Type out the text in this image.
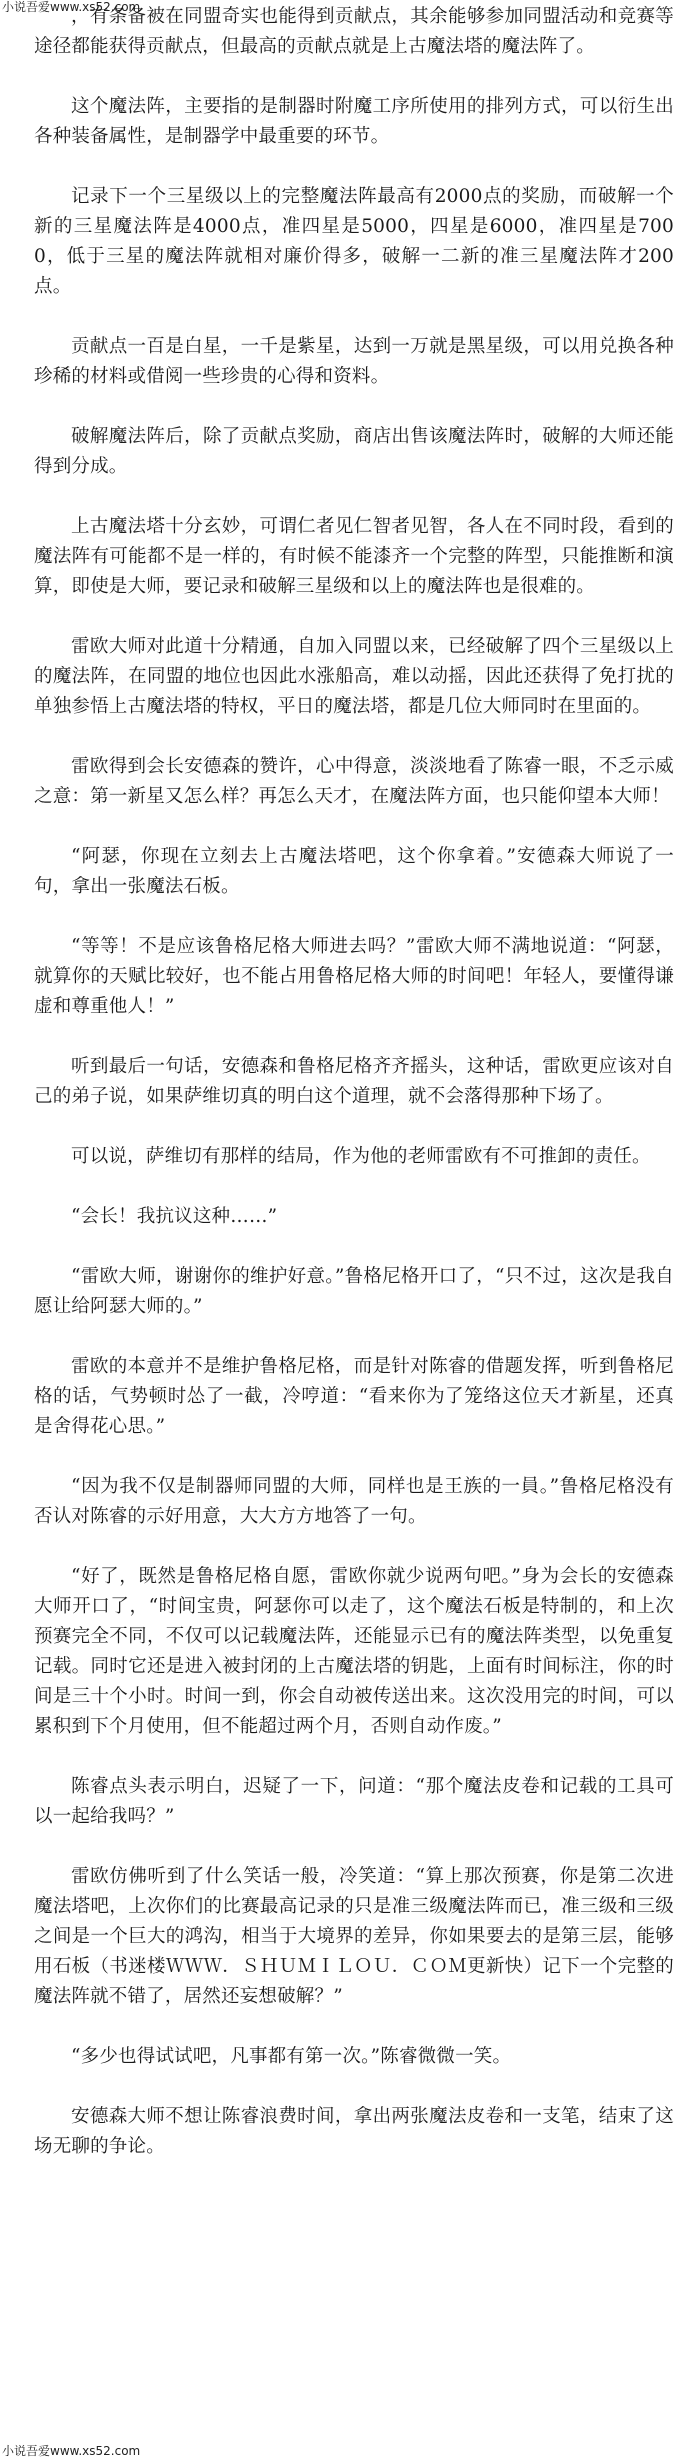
小说吾爱www.xs52.com

，有条备被在同盟奇实也能得到贡献点，其余能够参加同盟活动和竞赛等途径都能获得贡献点，但最高的贡献点就是上古魔法塔的魔法阵了。

这个魔法阵，主要指的是制器时附魔工序所使用的排列方式，可以衍生出各种装备属性，是制器学中最重要的环节。

记录下一个三星级以上的完整魔法阵最高有2000点的奖励，而破解一个新的三星魔法阵是4000点，准四星是5000，四星是6000，准四星是7000，低于三星的魔法阵就相对廉价得多，破解一二新的准三星魔法阵才200点。

贡献点一百是白星，一千是紫星，达到一万就是黑星级，可以用兑换各种珍稀的材料或借阅一些珍贵的心得和资料。

破解魔法阵后，除了贡献点奖励，商店出售该魔法阵时，破解的大师还能得到分成。

上古魔法塔十分玄妙，可谓仁者见仁智者见智，各人在不同时段，看到的魔法阵有可能都不是一样的，有时候不能漆齐一个完整的阵型，只能推断和演算，即使是大师，要记录和破解三星级和以上的魔法阵也是很难的。

雷欧大师对此道十分精通，自加入同盟以来，已经破解了四个三星级以上的魔法阵，在同盟的地位也因此水涨船高，难以动摇，因此还获得了免打扰的单独参悟上古魔法塔的特权，平日的魔法塔，都是几位大师同时在里面的。

雷欧得到会长安德森的赞许，心中得意，淡淡地看了陈睿一眼，不乏示威之意：第一新星又怎么样？再怎么天才，在魔法阵方面，也只能仰望本大师！

“阿瑟，你现在立刻去上古魔法塔吧，这个你拿着。”安德森大师说了一句，拿出一张魔法石板。

“等等！不是应该鲁格尼格大师进去吗？”雷欧大师不满地说道：“阿瑟，就算你的天赋比较好，也不能占用鲁格尼格大师的时间吧！年轻人，要懂得谦虚和尊重他人！”

听到最后一句话，安德森和鲁格尼格齐齐摇头，这种话，雷欧更应该对自己的弟子说，如果萨维切真的明白这个道理，就不会落得那种下场了。

可以说，萨维切有那样的结局，作为他的老师雷欧有不可推卸的责任。

“会长！我抗议这种……”

“雷欧大师，谢谢你的维护好意。”鲁格尼格开口了，“只不过，这次是我自愿让给阿瑟大师的。”

雷欧的本意并不是维护鲁格尼格，而是针对陈睿的借题发挥，听到鲁格尼格的话，气势顿时怂了一截，冷哼道：“看来你为了笼络这位天才新星，还真是舍得花心思。”

“因为我不仅是制器师同盟的大师，同样也是王族的一員。”鲁格尼格没有否认对陈睿的示好用意，大大方方地答了一句。

“好了，既然是鲁格尼格自愿，雷欧你就少说两句吧。”身为会长的安德森大师开口了，“时间宝贵，阿瑟你可以走了，这个魔法石板是特制的，和上次预赛完全不同，不仅可以记载魔法阵，还能显示已有的魔法阵类型，以免重复记载。同时它还是进入被封闭的上古魔法塔的钥匙，上面有时间标注，你的时间是三十个小时。时间一到，你会自动被传送出来。这次没用完的时间，可以累积到下个月使用，但不能超过两个月，否则自动作废。”

陈睿点头表示明白，迟疑了一下，问道：“那个魔法皮卷和记载的工具可以一起给我吗？”

雷欧仿佛听到了什么笑话一般，冷笑道：“算上那次预赛，你是第二次进魔法塔吧，上次你们的比赛最高记录的只是准三级魔法阵而已，准三级和三级之间是一个巨大的鸿沟，相当于大境界的差异，你如果要去的是第三层，能够用石板（书迷楼ＷＷＷ．ＳＨＵＭＩＬＯＵ．ＣＯＭ更新快）记下一个完整的魔法阵就不错了，居然还妄想破解？”

“多少也得试试吧，凡事都有第一次。”陈睿微微一笑。

安德森大师不想让陈睿浪费时间，拿出两张魔法皮卷和一支笔，结束了这场无聊的争论。

小说吾爱www.xs52.com
